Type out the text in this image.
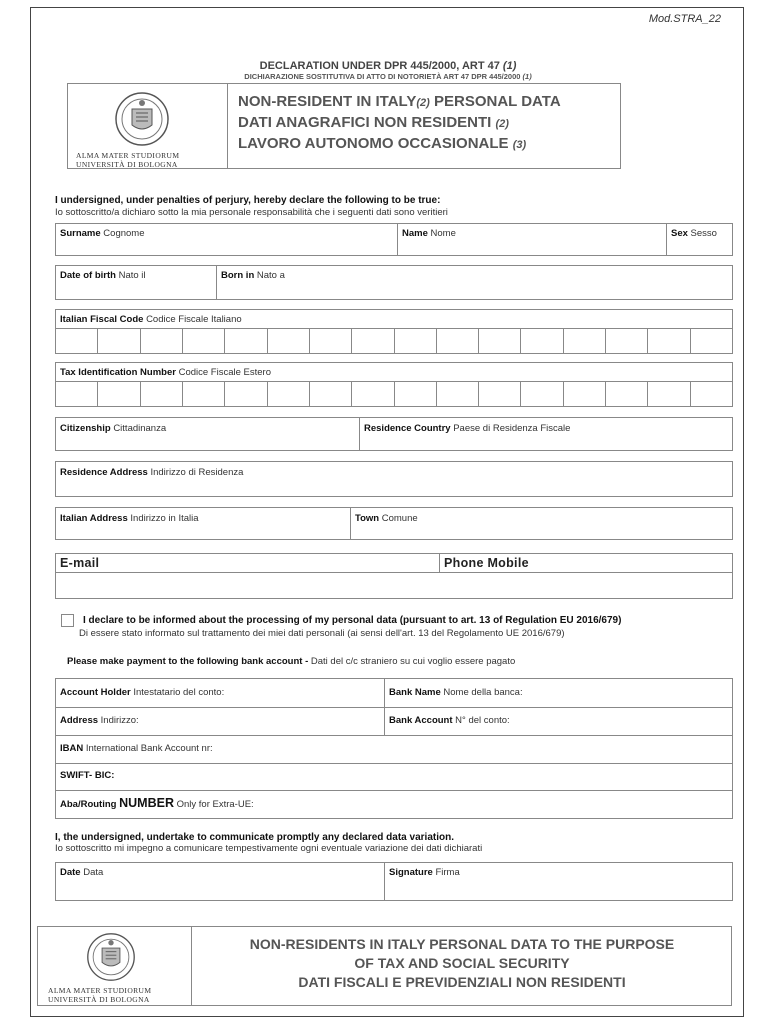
Mod.STRA_22
DECLARATION UNDER DPR 445/2000, ART 47 (1)
DICHIARAZIONE SOSTITUTIVA DI ATTO DI NOTORIETÀ ART 47 DPR 445/2000 (1)
ALMA MATER STUDIORUM
UNIVERSITÀ DI BOLOGNA
NON-RESIDENT IN ITALY(2) PERSONAL DATA
DATI ANAGRAFICI NON RESIDENTI (2)
LAVORO AUTONOMO OCCASIONALE (3)
I undersigned, under penalties of perjury, hereby declare the following to be true:
Io sottoscritto/a dichiaro sotto la mia personale responsabilità che i seguenti dati sono veritieri
Surname Cognome	Name Nome	Sex Sesso
Date of birth Nato il	Born in Nato a
Italian Fiscal Code Codice Fiscale Italiano
Tax Identification Number Codice Fiscale Estero
Citizenship Cittadinanza	Residence Country Paese di Residenza Fiscale
Residence Address Indirizzo di Residenza
Italian Address Indirizzo in Italia	Town Comune
E-mail	Phone Mobile
I declare to be informed about the processing of my personal data (pursuant to art. 13 of Regulation EU 2016/679)
Di essere stato informato sul trattamento dei miei dati personali (ai sensi dell'art. 13 del Regolamento UE 2016/679)
Please make payment to the following bank account - Dati del c/c straniero su cui voglio essere pagato
Account Holder Intestatario del conto:	Bank Name Nome della banca:
Address Indirizzo:	Bank Account N° del conto:
IBAN International Bank Account nr:
SWIFT- BIC:
Aba/Routing NUMBER Only for Extra-UE:
I, the undersigned, undertake to communicate promptly any declared data variation.
Io sottoscritto mi impegno a comunicare tempestivamente ogni eventuale variazione dei dati dichiarati
Date Data	Signature Firma
ALMA MATER STUDIORUM
UNIVERSITÀ DI BOLOGNA
NON-RESIDENTS IN ITALY PERSONAL DATA TO THE PURPOSE
OF TAX AND SOCIAL SECURITY
DATI FISCALI E PREVIDENZIALI NON RESIDENTI
